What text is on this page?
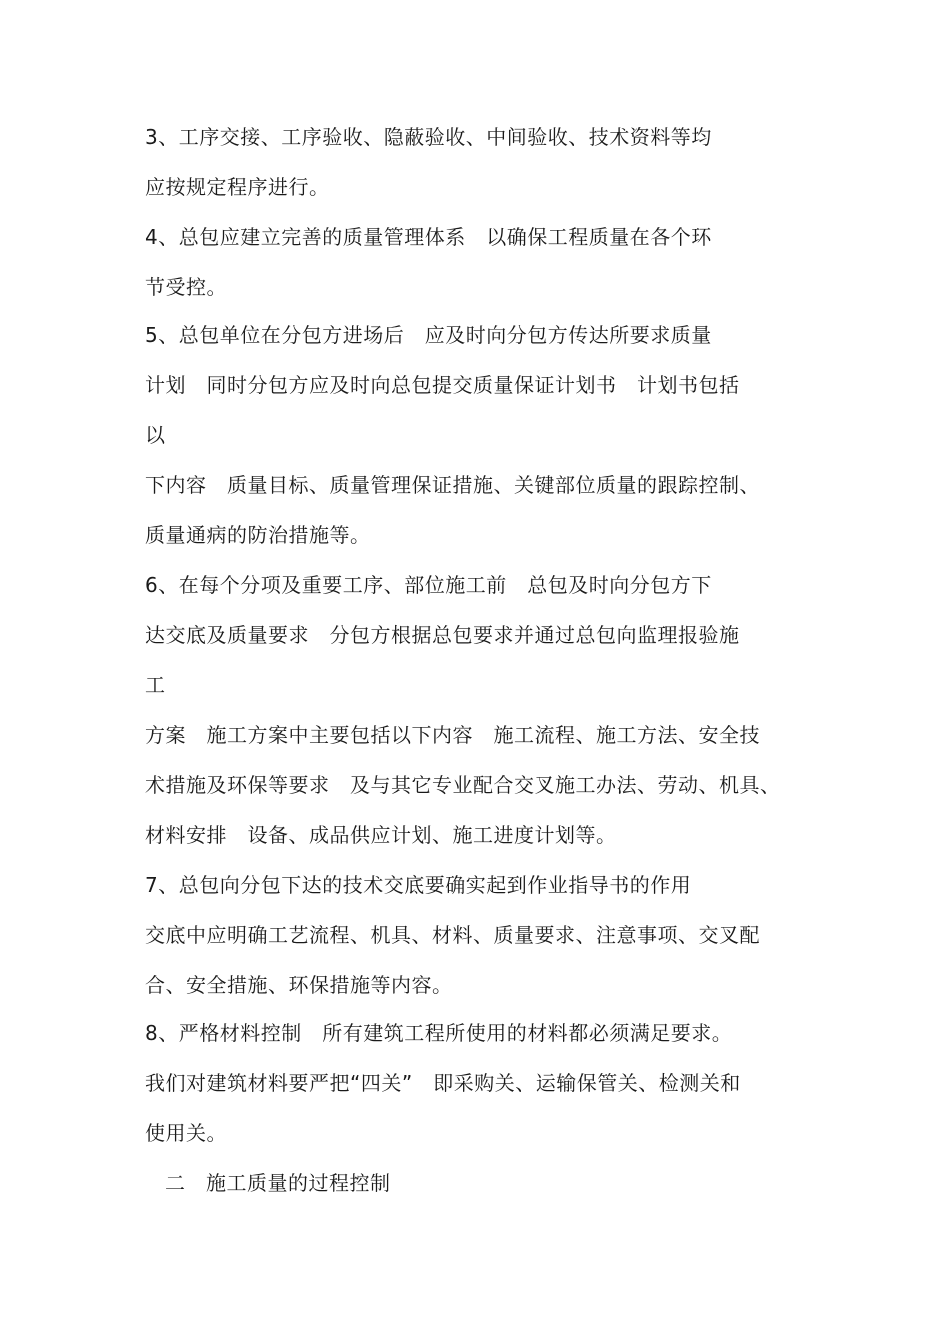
3、工序交接、工序验收、隐蔽验收、中间验收、技术资料等均
应按规定程序进行。
4、总包应建立完善的质量管理体系　以确保工程质量在各个环
节受控。
5、总包单位在分包方进场后　应及时向分包方传达所要求质量
计划　同时分包方应及时向总包提交质量保证计划书　计划书包括
以
下内容　质量目标、质量管理保证措施、关键部位质量的跟踪控制、
质量通病的防治措施等。
6、在每个分项及重要工序、部位施工前　总包及时向分包方下
达交底及质量要求　分包方根据总包要求并通过总包向监理报验施
工
方案　施工方案中主要包括以下内容　施工流程、施工方法、安全技
术措施及环保等要求　及与其它专业配合交叉施工办法、劳动、机具、
材料安排　设备、成品供应计划、施工进度计划等。
7、总包向分包下达的技术交底要确实起到作业指导书的作用
交底中应明确工艺流程、机具、材料、质量要求、注意事项、交叉配
合、安全措施、环保措施等内容。
8、严格材料控制　所有建筑工程所使用的材料都必须满足要求。
我们对建筑材料要严把“四关”　即采购关、运输保管关、检测关和
使用关。
二　施工质量的过程控制
